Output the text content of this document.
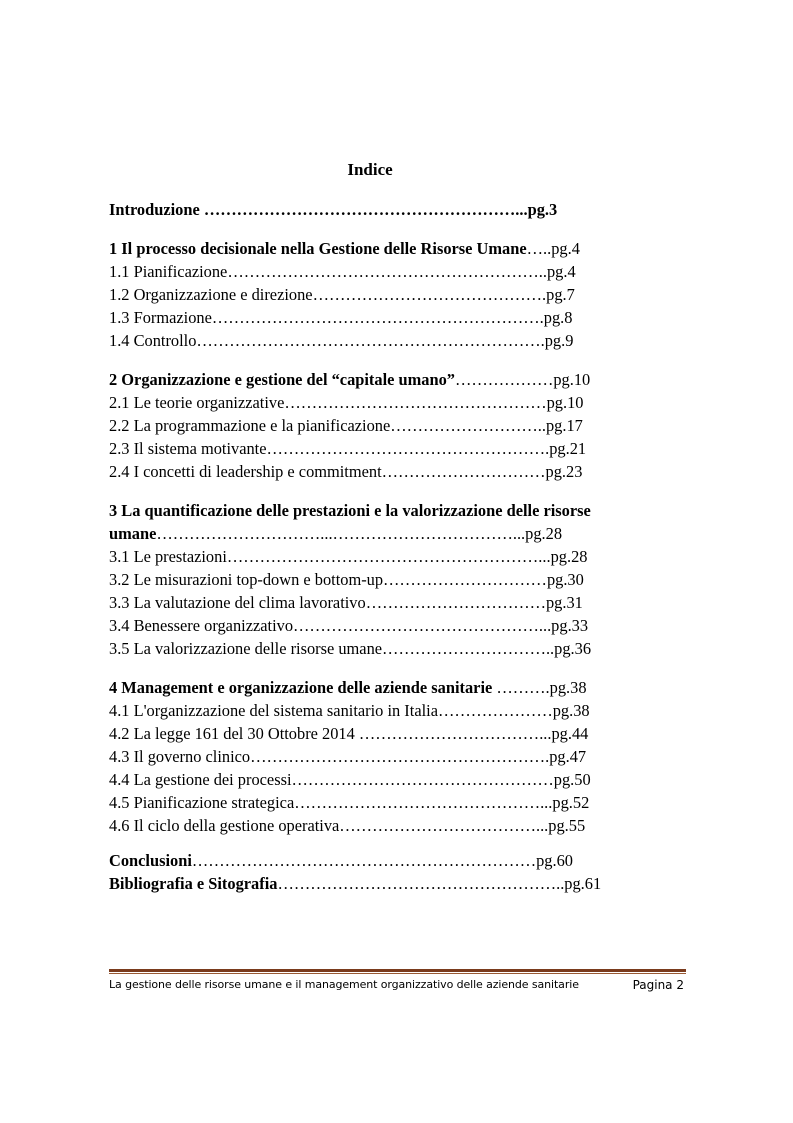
Indice
Introduzione …………………………………………………...pg.3
1 Il processo decisionale nella Gestione delle Risorse Umane…..pg.4
1.1 Pianificazione…………………………………………………..pg.4
1.2 Organizzazione e direzione…………………………………….pg.7
1.3 Formazione…………………………………………………….pg.8
1.4 Controllo……………………………………………………….pg.9
2 Organizzazione e gestione del “capitale umano”………………pg.10
2.1 Le teorie organizzative…………………………………………pg.10
2.2 La programmazione e la pianificazione………………………..pg.17
2.3 Il sistema motivante…………………………………………….pg.21
2.4 I concetti di leadership e commitment…………………………pg.23
3 La quantificazione delle prestazioni e la valorizzazione delle risorse
umane…………………………...……………………………...pg.28
3.1 Le prestazioni…………………………………………………...pg.28
3.2 Le misurazioni top-down e bottom-up…………………………pg.30
3.3 La valutazione del clima lavorativo……………………………pg.31
3.4 Benessere organizzativo………………………………………...pg.33
3.5 La valorizzazione delle risorse umane…………………………..pg.36
4 Management e organizzazione delle aziende sanitarie ……….pg.38
4.1 L'organizzazione del sistema sanitario in Italia…………………pg.38
4.2 La legge 161 del 30 Ottobre 2014 ……………………………...pg.44
4.3 Il governo clinico……………………………………………….pg.47
4.4 La gestione dei processi…………………………………………pg.50
4.5 Pianificazione strategica………………………………………...pg.52
4.6 Il ciclo della gestione operativa………………………………...pg.55
Conclusioni………………………………………………………pg.60
Bibliografia e Sitografia……………………………………………..pg.61
La gestione delle risorse umane e il management organizzativo delle aziende sanitarie	Pagina 2
